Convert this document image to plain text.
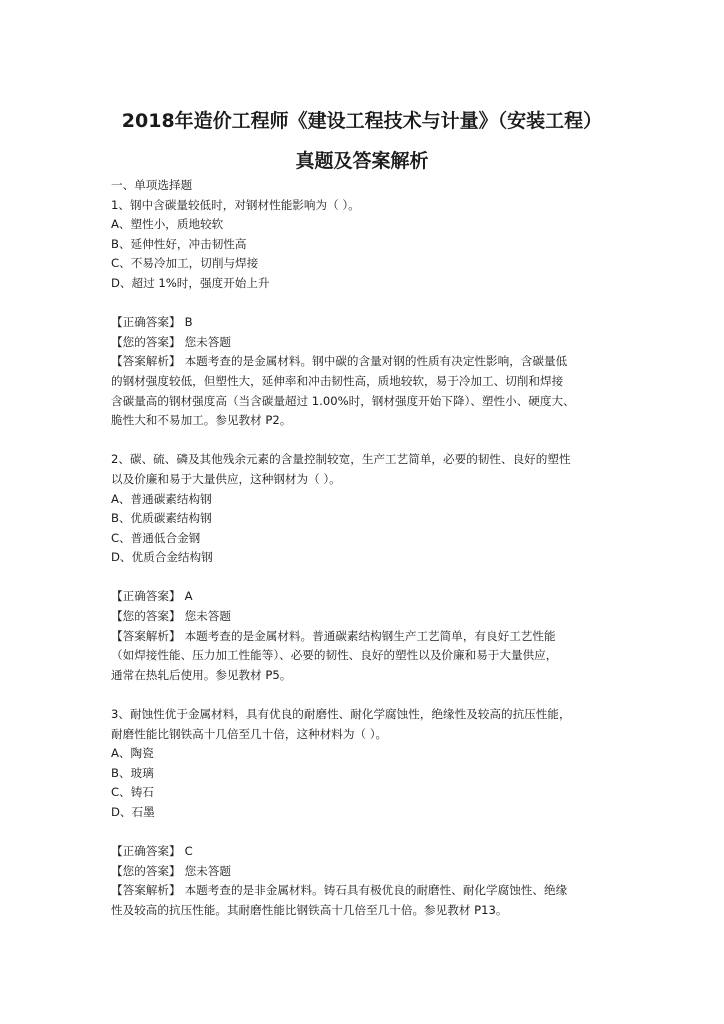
2018年造价工程师《建设工程技术与计量》（安装工程）
真题及答案解析
一、单项选择题
1、钢中含碳量较低时，对钢材性能影响为（ ）。
A、塑性小，质地较软
B、延伸性好，冲击韧性高
C、不易冷加工，切削与焊接
D、超过 1%时，强度开始上升
【正确答案】 B
【您的答案】 您未答题
【答案解析】 本题考查的是金属材料。钢中碳的含量对钢的性质有决定性影响，含碳量低
的钢材强度较低，但塑性大，延伸率和冲击韧性高，质地较软，易于冷加工、切削和焊接
含碳量高的钢材强度高（当含碳量超过 1.00%时，钢材强度开始下降）、塑性小、硬度大、
脆性大和不易加工。参见教材 P2。
2、碳、硫、磷及其他残余元素的含量控制较宽，生产工艺简单，必要的韧性、良好的塑性
以及价廉和易于大量供应，这种钢材为（ ）。
A、普通碳素结构钢
B、优质碳素结构钢
C、普通低合金钢
D、优质合金结构钢
【正确答案】 A
【您的答案】 您未答题
【答案解析】 本题考查的是金属材料。普通碳素结构钢生产工艺简单，有良好工艺性能
（如焊接性能、压力加工性能等）、必要的韧性、良好的塑性以及价廉和易于大量供应，
通常在热轧后使用。参见教材 P5。
3、耐蚀性优于金属材料，具有优良的耐磨性、耐化学腐蚀性，绝缘性及较高的抗压性能，
耐磨性能比钢铁高十几倍至几十倍，这种材料为（ ）。
A、陶瓷
B、玻璃
C、铸石
D、石墨
【正确答案】 C
【您的答案】 您未答题
【答案解析】 本题考查的是非金属材料。铸石具有极优良的耐磨性、耐化学腐蚀性、绝缘
性及较高的抗压性能。其耐磨性能比钢铁高十几倍至几十倍。参见教材 P13。
